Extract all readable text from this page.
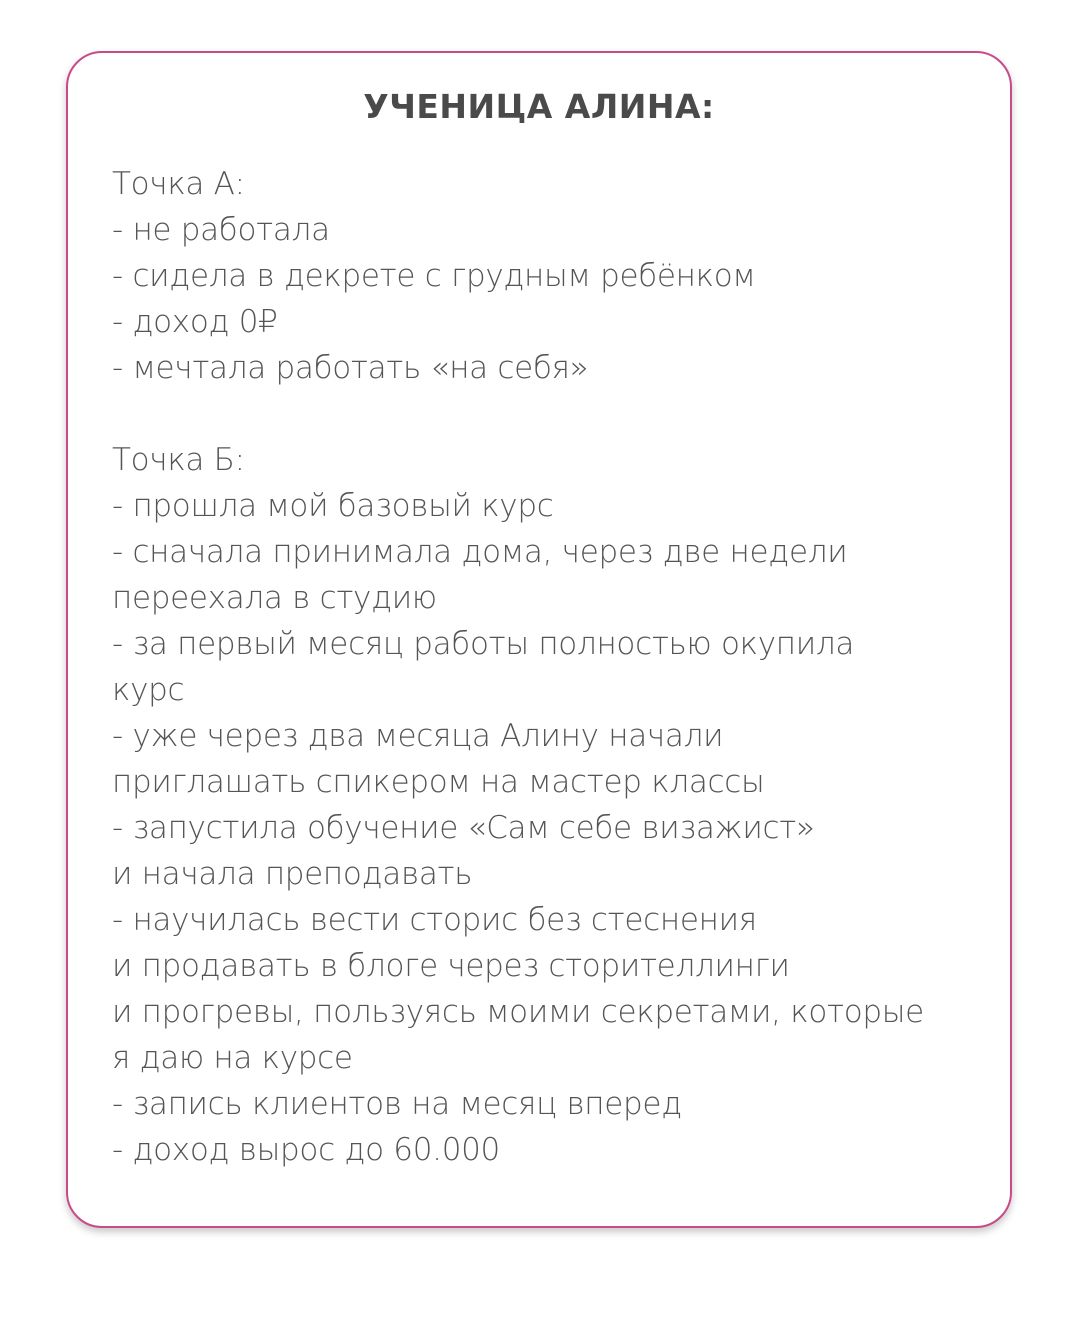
УЧЕНИЦА АЛИНА:
Точка А:
- не работала
- сидела в декрете с грудным ребёнком
- доход 0₽
- мечтала работать «на себя»
Точка Б:
- прошла мой базовый курс
- сначала принимала дома, через две недели
переехала в студию
- за первый месяц работы полностью окупила
курс
- уже через два месяца Алину начали
приглашать спикером на мастер классы
- запустила обучение «Сам себе визажист»
и начала преподавать
- научилась вести сторис без стеснения
и продавать в блоге через сторителлинги
и прогревы, пользуясь моими секретами, которые
я даю на курсе
- запись клиентов на месяц вперед
- доход вырос до 60.000
